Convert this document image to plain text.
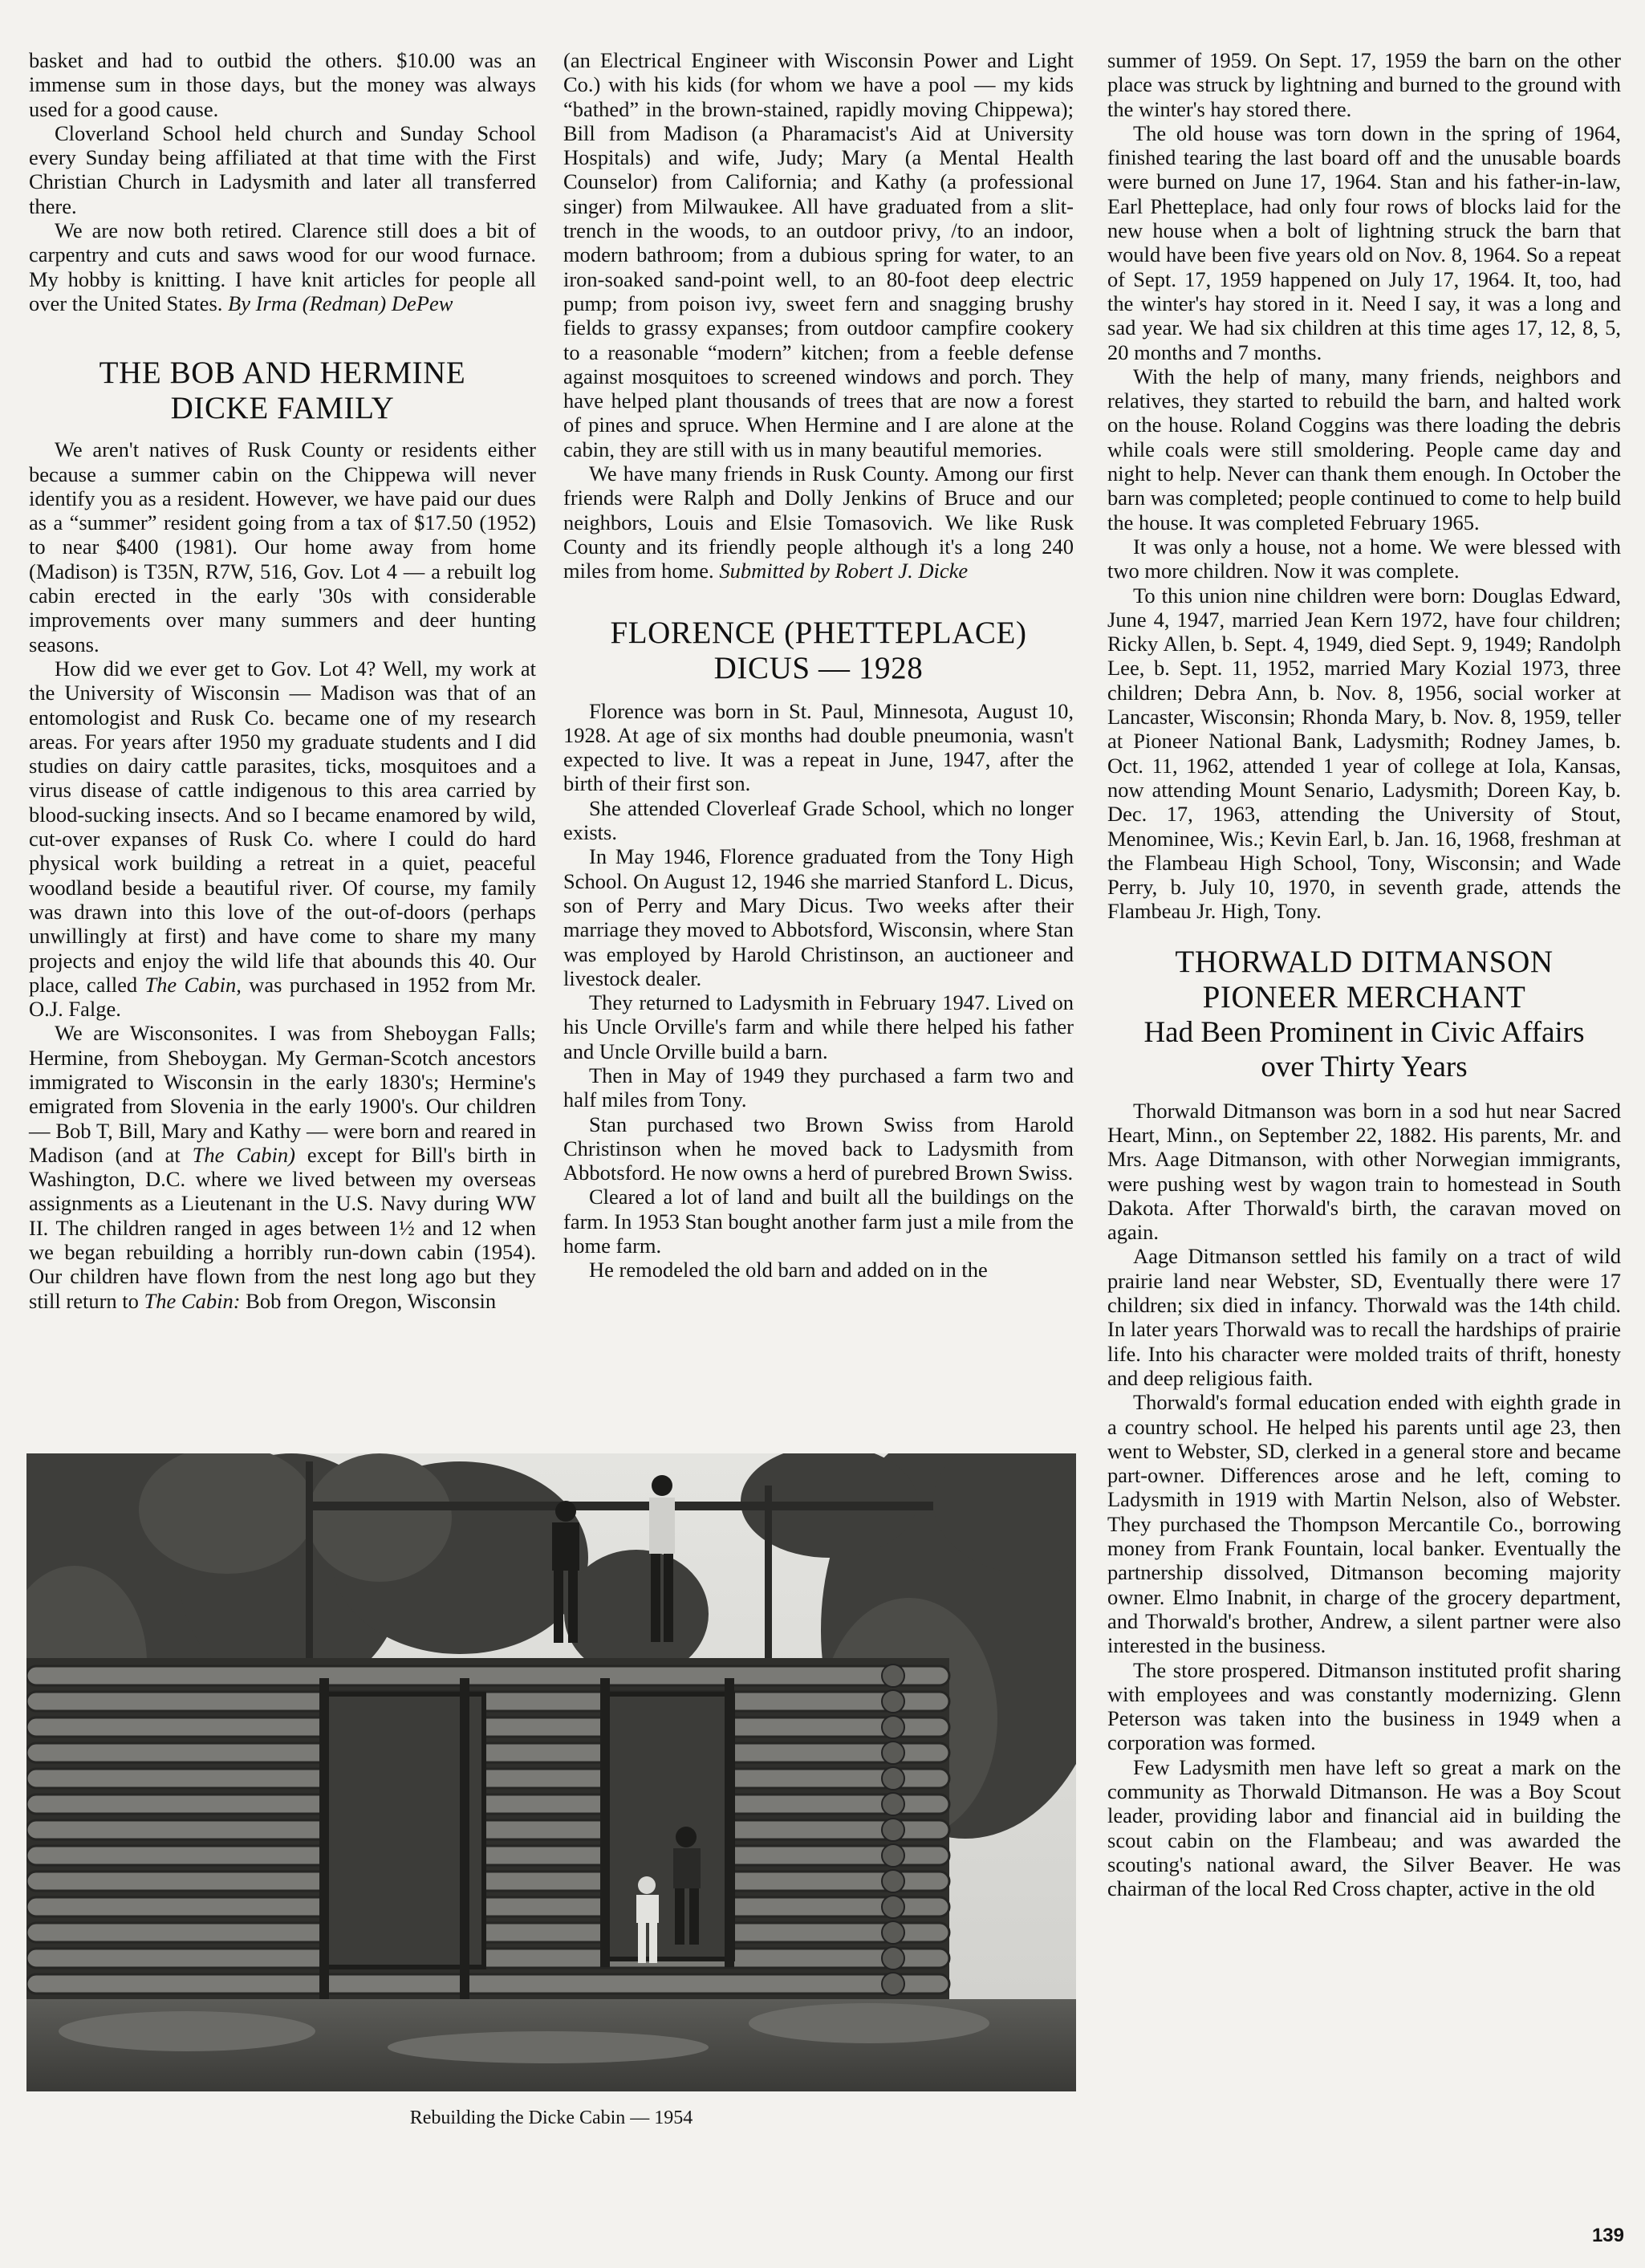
basket and had to outbid the others. $10.00 was an immense sum in those days, but the money was always used for a good cause.

Cloverland School held church and Sunday School every Sunday being affiliated at that time with the First Christian Church in Ladysmith and later all transferred there.

We are now both retired. Clarence still does a bit of carpentry and cuts and saws wood for our wood furnace. My hobby is knitting. I have knit articles for people all over the United States. By Irma (Redman) DePew

THE BOB AND HERMINE
DICKE FAMILY

We aren't natives of Rusk County or residents either because a summer cabin on the Chippewa will never identify you as a resident. However, we have paid our dues as a “summer” resident going from a tax of $17.50 (1952) to near $400 (1981). Our home away from home (Madison) is T35N, R7W, 516, Gov. Lot 4 — a rebuilt log cabin erected in the early '30s with considerable improvements over many summers and deer hunting seasons.

How did we ever get to Gov. Lot 4? Well, my work at the University of Wisconsin — Madison was that of an entomologist and Rusk Co. became one of my research areas. For years after 1950 my graduate students and I did studies on dairy cattle parasites, ticks, mosquitoes and a virus disease of cattle indigenous to this area carried by blood-sucking insects. And so I became enamored by wild, cut-over expanses of Rusk Co. where I could do hard physical work building a retreat in a quiet, peaceful woodland beside a beautiful river. Of course, my family was drawn into this love of the out-of-doors (perhaps unwillingly at first) and have come to share my many projects and enjoy the wild life that abounds this 40. Our place, called The Cabin, was purchased in 1952 from Mr. O.J. Falge.

We are Wisconsonites. I was from Sheboygan Falls; Hermine, from Sheboygan. My German-Scotch ancestors immigrated to Wisconsin in the early 1830's; Hermine's emigrated from Slovenia in the early 1900's. Our children — Bob T, Bill, Mary and Kathy — were born and reared in Madison (and at The Cabin) except for Bill's birth in Washington, D.C. where we lived between my overseas assignments as a Lieutenant in the U.S. Navy during WW II. The children ranged in ages between 1½ and 12 when we began rebuilding a horribly run-down cabin (1954). Our children have flown from the nest long ago but they still return to The Cabin: Bob from Oregon, Wisconsin

(an Electrical Engineer with Wisconsin Power and Light Co.) with his kids (for whom we have a pool — my kids “bathed” in the brown-stained, rapidly moving Chippewa); Bill from Madison (a Pharamacist's Aid at University Hospitals) and wife, Judy; Mary (a Mental Health Counselor) from California; and Kathy (a professional singer) from Milwaukee. All have graduated from a slit-trench in the woods, to an outdoor privy, /to an indoor, modern bathroom; from a dubious spring for water, to an iron-soaked sand-point well, to an 80-foot deep electric pump; from poison ivy, sweet fern and snagging brushy fields to grassy expanses; from outdoor campfire cookery to a reasonable “modern” kitchen; from a feeble defense against mosquitoes to screened windows and porch. They have helped plant thousands of trees that are now a forest of pines and spruce. When Hermine and I are alone at the cabin, they are still with us in many beautiful memories.

We have many friends in Rusk County. Among our first friends were Ralph and Dolly Jenkins of Bruce and our neighbors, Louis and Elsie Tomasovich. We like Rusk County and its friendly people although it's a long 240 miles from home. Submitted by Robert J. Dicke

FLORENCE (PHETTEPLACE)
DICUS — 1928

Florence was born in St. Paul, Minnesota, August 10, 1928. At age of six months had double pneumonia, wasn't expected to live. It was a repeat in June, 1947, after the birth of their first son.

She attended Cloverleaf Grade School, which no longer exists.

In May 1946, Florence graduated from the Tony High School. On August 12, 1946 she married Stanford L. Dicus, son of Perry and Mary Dicus. Two weeks after their marriage they moved to Abbotsford, Wisconsin, where Stan was employed by Harold Christinson, an auctioneer and livestock dealer.

They returned to Ladysmith in February 1947. Lived on his Uncle Orville's farm and while there helped his father and Uncle Orville build a barn.

Then in May of 1949 they purchased a farm two and half miles from Tony.

Stan purchased two Brown Swiss from Harold Christinson when he moved back to Ladysmith from Abbotsford. He now owns a herd of purebred Brown Swiss.

Cleared a lot of land and built all the buildings on the farm. In 1953 Stan bought another farm just a mile from the home farm.

He remodeled the old barn and added on in the

summer of 1959. On Sept. 17, 1959 the barn on the other place was struck by lightning and burned to the ground with the winter's hay stored there.

The old house was torn down in the spring of 1964, finished tearing the last board off and the unusable boards were burned on June 17, 1964. Stan and his father-in-law, Earl Phetteplace, had only four rows of blocks laid for the new house when a bolt of lightning struck the barn that would have been five years old on Nov. 8, 1964. So a repeat of Sept. 17, 1959 happened on July 17, 1964. It, too, had the winter's hay stored in it. Need I say, it was a long and sad year. We had six children at this time ages 17, 12, 8, 5, 20 months and 7 months.

With the help of many, many friends, neighbors and relatives, they started to rebuild the barn, and halted work on the house. Roland Coggins was there loading the debris while coals were still smoldering. People came day and night to help. Never can thank them enough. In October the barn was completed; people continued to come to help build the house. It was completed February 1965.

It was only a house, not a home. We were blessed with two more children. Now it was complete.

To this union nine children were born: Douglas Edward, June 4, 1947, married Jean Kern 1972, have four children; Ricky Allen, b. Sept. 4, 1949, died Sept. 9, 1949; Randolph Lee, b. Sept. 11, 1952, married Mary Kozial 1973, three children; Debra Ann, b. Nov. 8, 1956, social worker at Lancaster, Wisconsin; Rhonda Mary, b. Nov. 8, 1959, teller at Pioneer National Bank, Ladysmith; Rodney James, b. Oct. 11, 1962, attended 1 year of college at Iola, Kansas, now attending Mount Senario, Ladysmith; Doreen Kay, b. Dec. 17, 1963, attending the University of Stout, Menominee, Wis.; Kevin Earl, b. Jan. 16, 1968, freshman at the Flambeau High School, Tony, Wisconsin; and Wade Perry, b. July 10, 1970, in seventh grade, attends the Flambeau Jr. High, Tony.

THORWALD DITMANSON
PIONEER MERCHANT
Had Been Prominent in Civic Affairs
over Thirty Years

Thorwald Ditmanson was born in a sod hut near Sacred Heart, Minn., on September 22, 1882. His parents, Mr. and Mrs. Aage Ditmanson, with other Norwegian immigrants, were pushing west by wagon train to homestead in South Dakota. After Thorwald's birth, the caravan moved on again.

Aage Ditmanson settled his family on a tract of wild prairie land near Webster, SD, Eventually there were 17 children; six died in infancy. Thorwald was the 14th child. In later years Thorwald was to recall the hardships of prairie life. Into his character were molded traits of thrift, honesty and deep religious faith.

Thorwald's formal education ended with eighth grade in a country school. He helped his parents until age 23, then went to Webster, SD, clerked in a general store and became part-owner. Differences arose and he left, coming to Ladysmith in 1919 with Martin Nelson, also of Webster. They purchased the Thompson Mercantile Co., borrowing money from Frank Fountain, local banker. Eventually the partnership dissolved, Ditmanson becoming majority owner. Elmo Inabnit, in charge of the grocery department, and Thorwald's brother, Andrew, a silent partner were also interested in the business.

The store prospered. Ditmanson instituted profit sharing with employees and was constantly modernizing. Glenn Peterson was taken into the business in 1949 when a corporation was formed.

Few Ladysmith men have left so great a mark on the community as Thorwald Ditmanson. He was a Boy Scout leader, providing labor and financial aid in building the scout cabin on the Flambeau; and was awarded the scouting's national award, the Silver Beaver. He was chairman of the local Red Cross chapter, active in the old

Rebuilding the Dicke Cabin — 1954
139
